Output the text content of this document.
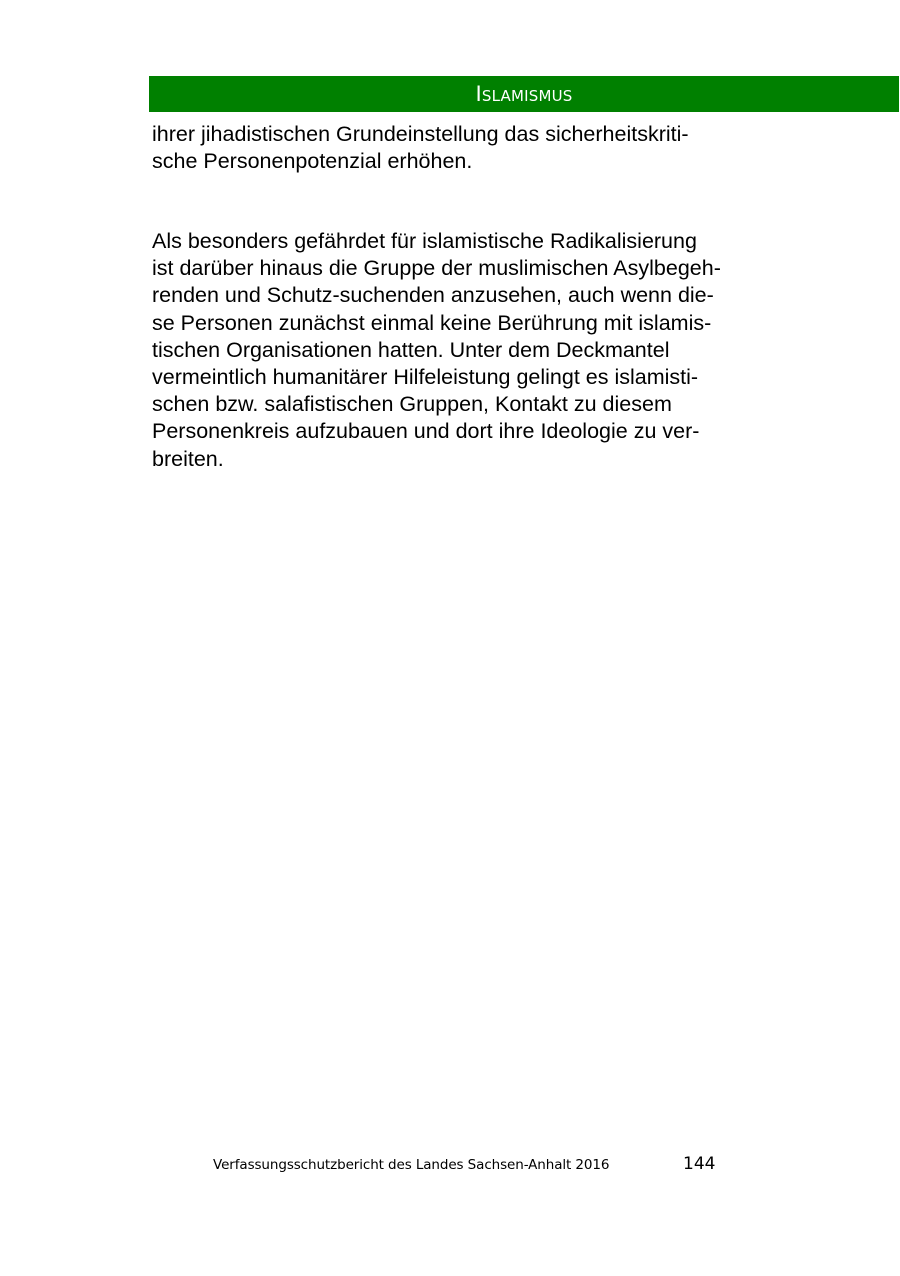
Islamismus
ihrer jihadistischen Grundeinstellung das sicherheitskriti-
sche Personenpotenzial erhöhen.
Als besonders gefährdet für islamistische Radikalisierung
ist darüber hinaus die Gruppe der muslimischen Asylbegeh-
renden und Schutz-suchenden anzusehen, auch wenn die-
se Personen zunächst einmal keine Berührung mit islamis-
tischen Organisationen hatten. Unter dem Deckmantel
vermeintlich humanitärer Hilfeleistung gelingt es islamisti-
schen bzw. salafistischen Gruppen, Kontakt zu diesem
Personenkreis aufzubauen und dort ihre Ideologie zu ver-
breiten.
Verfassungsschutzbericht des Landes Sachsen-Anhalt 2016	144
